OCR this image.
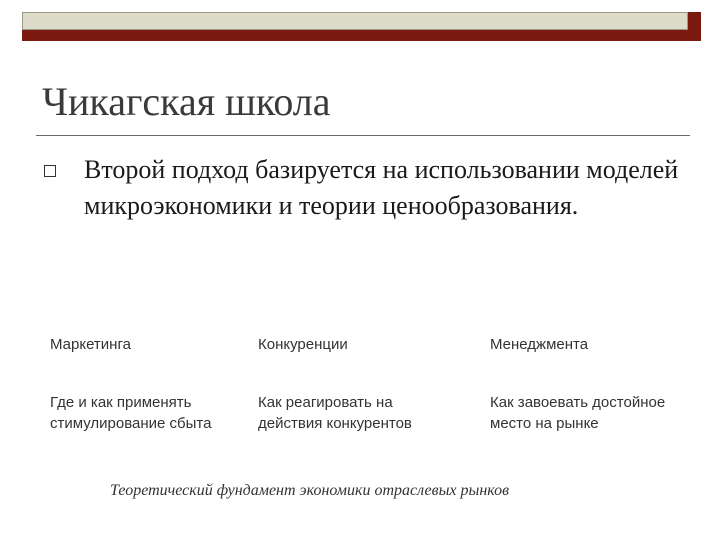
Чикагская школа
Второй подход базируется на использовании моделей микроэкономики и теории ценообразования.
Маркетинга	Конкуренции	Менеджмента
Где и как применять
стимулирование сбыта
Как реагировать на
действия конкурентов
Как завоевать достойное
место на рынке
Теоретический фундамент экономики отраслевых рынков
